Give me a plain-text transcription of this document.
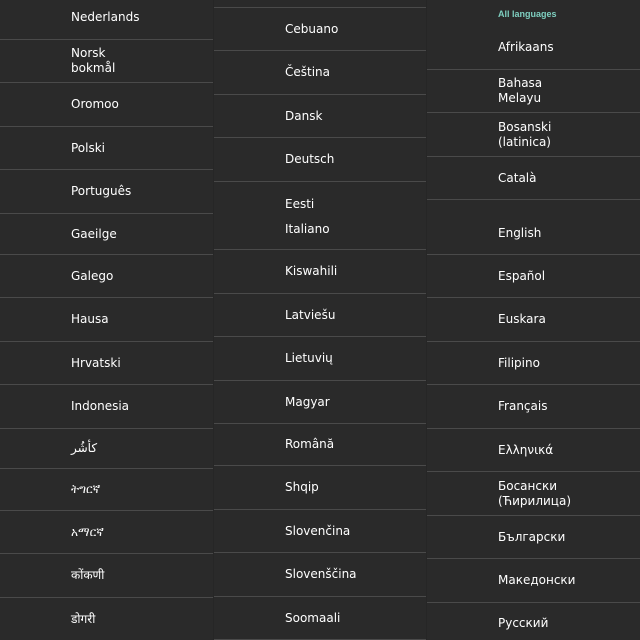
Nederlands
Norsk
bokmål
Oromoo
Polski
Português
Gaeilge
Galego
Hausa
Hrvatski
Indonesia
کأشُر
ትግርኛ
አማርኛ
कोंकणी
डोगरी
Cebuano
Čeština
Dansk
Deutsch
Eesti
Italiano
Kiswahili
Latviešu
Lietuvių
Magyar
Română
Shqip
Slovenčina
Slovenščina
Soomaali
All languages
Afrikaans
Bahasa
Melayu
Bosanski
(latinica)
Català
English
Español
Euskara
Filipino
Français
Ελληνικά
Босански
(Ћирилица)
Български
Македонски
Русский
